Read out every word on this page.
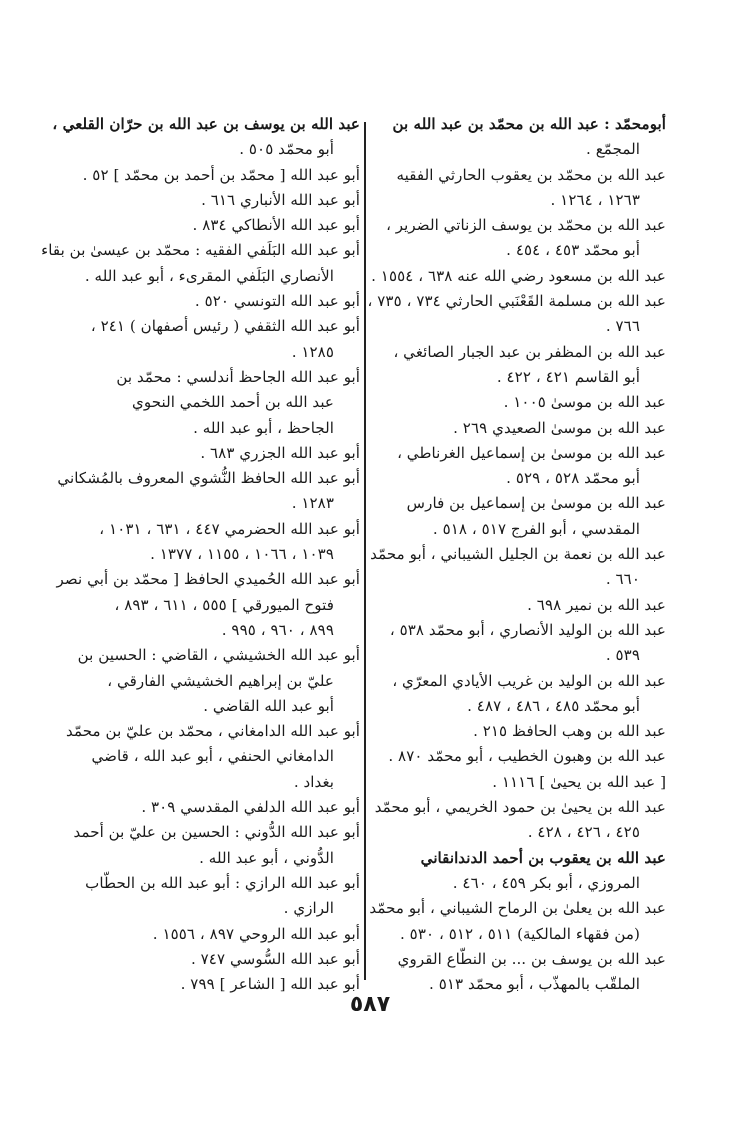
أبومحمّد : عبد الله بن محمّد بن عبد الله بن
المجمّع .
عبد الله بن محمّد بن يعقوب الحارثي الفقيه
١٢٦٣ ، ١٢٦٤ .
عبد الله بن محمّد بن يوسف الزناتي الضرير ،
أبو محمّد ٤٥٣ ، ٤٥٤ .
عبد الله بن مسعود رضي الله عنه ٦٣٨ ، ١٥٥٤ .
عبد الله بن مسلمة القَعْنَبي الحارثي ٧٣٤ ، ٧٣٥ ،
٧٦٦ .
عبد الله بن المظفر بن عبد الجبار الصائغي ،
أبو القاسم ٤٢١ ، ٤٢٢ .
عبد الله بن موسىٰ ١٠٠٥ .
عبد الله بن موسىٰ الصعيدي ٢٦٩ .
عبد الله بن موسىٰ بن إسماعيل الغرناطي ،
أبو محمّد ٥٢٨ ، ٥٢٩ .
عبد الله بن موسىٰ بن إسماعيل بن فارس
المقدسي ، أبو الفرج ٥١٧ ، ٥١٨ .
عبد الله بن نعمة بن الجليل الشيباني ، أبو محمّد
٦٦٠ .
عبد الله بن نمير ٦٩٨ .
عبد الله بن الوليد الأنصاري ، أبو محمّد ٥٣٨ ،
٥٣٩ .
عبد الله بن الوليد بن غريب الأيادي المعرّي ،
أبو محمّد ٤٨٥ ، ٤٨٦ ، ٤٨٧ .
عبد الله بن وهب الحافظ ٢١٥ .
عبد الله بن وهبون الخطيب ، أبو محمّد ٨٧٠ .
[ عبد الله بن يحيىٰ ] ١١١٦ .
عبد الله بن يحيىٰ بن حمود الخريمي ، أبو محمّد
٤٢٥ ، ٤٢٦ ، ٤٢٨ .
عبد الله بن يعقوب بن أحمد الدندانقاني
المروزي ، أبو بكر ٤٥٩ ، ٤٦٠ .
عبد الله بن يعلىٰ بن الرماح الشيباني ، أبو محمّد
(من فقهاء المالكية) ٥١١ ، ٥١٢ ، ٥٣٠ .
عبد الله بن يوسف بن ... بن النطّاع القروي
الملقّب بالمهذّب ، أبو محمّد ٥١٣ .
عبد الله بن يوسف بن عبد الله بن حرّان القلعي ،
أبو محمّد ٥٠٥ .
أبو عبد الله [ محمّد بن أحمد بن محمّد ] ٥٢ .
أبو عبد الله الأنباري ٦١٦ .
أبو عبد الله الأنطاكي ٨٣٤ .
أبو عبد الله البَلَفي الفقيه : محمّد بن عيسىٰ بن بقاء
الأنصاري البَلَفي المقرىء ، أبو عبد الله .
أبو عبد الله التونسي ٥٢٠ .
أبو عبد الله الثقفي ( رئيس أصفهان ) ٢٤١ ،
١٢٨٥ .
أبو عبد الله الجاحظ أندلسي : محمّد بن
عبد الله بن أحمد اللخمي النحوي
الجاحظ ، أبو عبد الله .
أبو عبد الله الجزري ٦٨٣ .
أبو عبد الله الحافظ النُّشوي المعروف بالمُشكاني
١٢٨٣ .
أبو عبد الله الحضرمي ٤٤٧ ، ٦٣١ ، ١٠٣١ ،
١٠٣٩ ، ١٠٦٦ ، ١١٥٥ ، ١٣٧٧ .
أبو عبد الله الحُميدي الحافظ [ محمّد بن أبي نصر
فتوح الميورقي ] ٥٥٥ ، ٦١١ ، ٨٩٣ ،
٨٩٩ ، ٩٦٠ ، ٩٩٥ .
أبو عبد الله الخشيشي ، القاضي : الحسين بن
عليّ بن إبراهيم الخشيشي الفارقي ،
أبو عبد الله القاضي .
أبو عبد الله الدامغاني ، محمّد بن عليّ بن محمّد
الدامغاني الحنفي ، أبو عبد الله ، قاضي
بغداد .
أبو عبد الله الدلفي المقدسي ٣٠٩ .
أبو عبد الله الدُّوني : الحسين بن عليّ بن أحمد
الدُّوني ، أبو عبد الله .
أبو عبد الله الرازي : أبو عبد الله بن الحطّاب
الرازي .
أبو عبد الله الروحي ٨٩٧ ، ١٥٥٦ .
أبو عبد الله السُّوسي ٧٤٧ .
أبو عبد الله [ الشاعر ] ٧٩٩ .
٥٨٧
